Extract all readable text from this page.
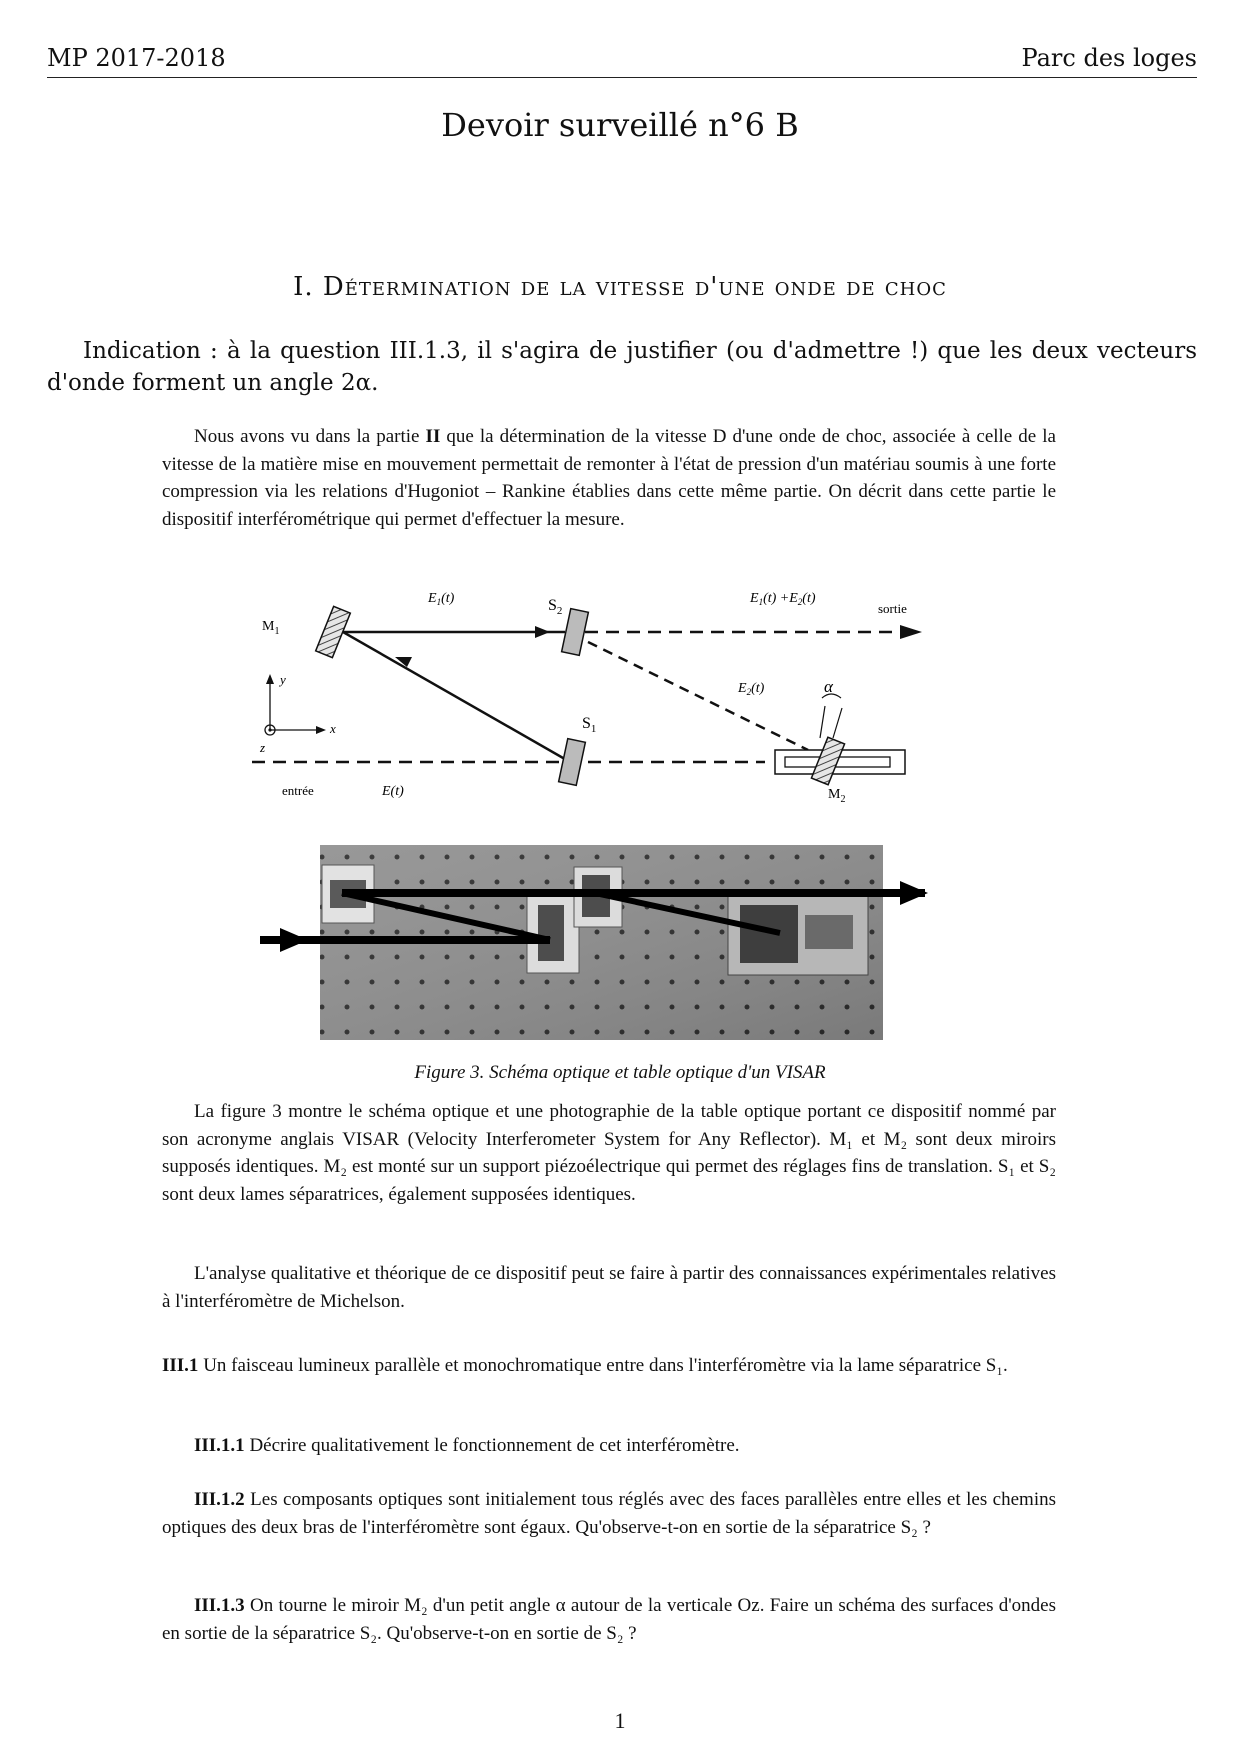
MP 2017-2018	Parc des loges
Devoir surveillé n°6 B
I. Détermination de la vitesse d'une onde de choc
Indication : à la question III.1.3, il s'agira de justifier (ou d'admettre !) que les deux vecteurs d'onde forment un angle 2α.
Nous avons vu dans la partie II que la détermination de la vitesse D d'une onde de choc, associée à celle de la vitesse de la matière mise en mouvement permettait de remonter à l'état de pression d'un matériau soumis à une forte compression via les relations d'Hugoniot – Rankine établies dans cette même partie. On décrit dans cette partie le dispositif interférométrique qui permet d'effectuer la mesure.
$M_1$
$S_2$
$S_1$
$M_2$
$E_1(t)$	$E_1(t) +E_2(t)$
$E_2(t)$
E(t)
sortie
entrée
α
y
x
z
Figure 3. Schéma optique et table optique d'un VISAR
La figure 3 montre le schéma optique et une photographie de la table optique portant ce dispositif nommé par son acronyme anglais VISAR (Velocity Interferometer System for Any Reflector). M₁ et M₂ sont deux miroirs supposés identiques. M₂ est monté sur un support piézoélectrique qui permet des réglages fins de translation. S₁ et S₂ sont deux lames séparatrices, également supposées identiques.
L'analyse qualitative et théorique de ce dispositif peut se faire à partir des connaissances expérimentales relatives à l'interféromètre de Michelson.
III.1 Un faisceau lumineux parallèle et monochromatique entre dans l'interféromètre via la lame séparatrice S₁.
III.1.1 Décrire qualitativement le fonctionnement de cet interféromètre.
III.1.2 Les composants optiques sont initialement tous réglés avec des faces parallèles entre elles et les chemins optiques des deux bras de l'interféromètre sont égaux. Qu'observe-t-on en sortie de la séparatrice S₂ ?
III.1.3 On tourne le miroir M₂ d'un petit angle α autour de la verticale Oz. Faire un schéma des surfaces d'ondes en sortie de la séparatrice S₂. Qu'observe-t-on en sortie de S₂ ?
1
